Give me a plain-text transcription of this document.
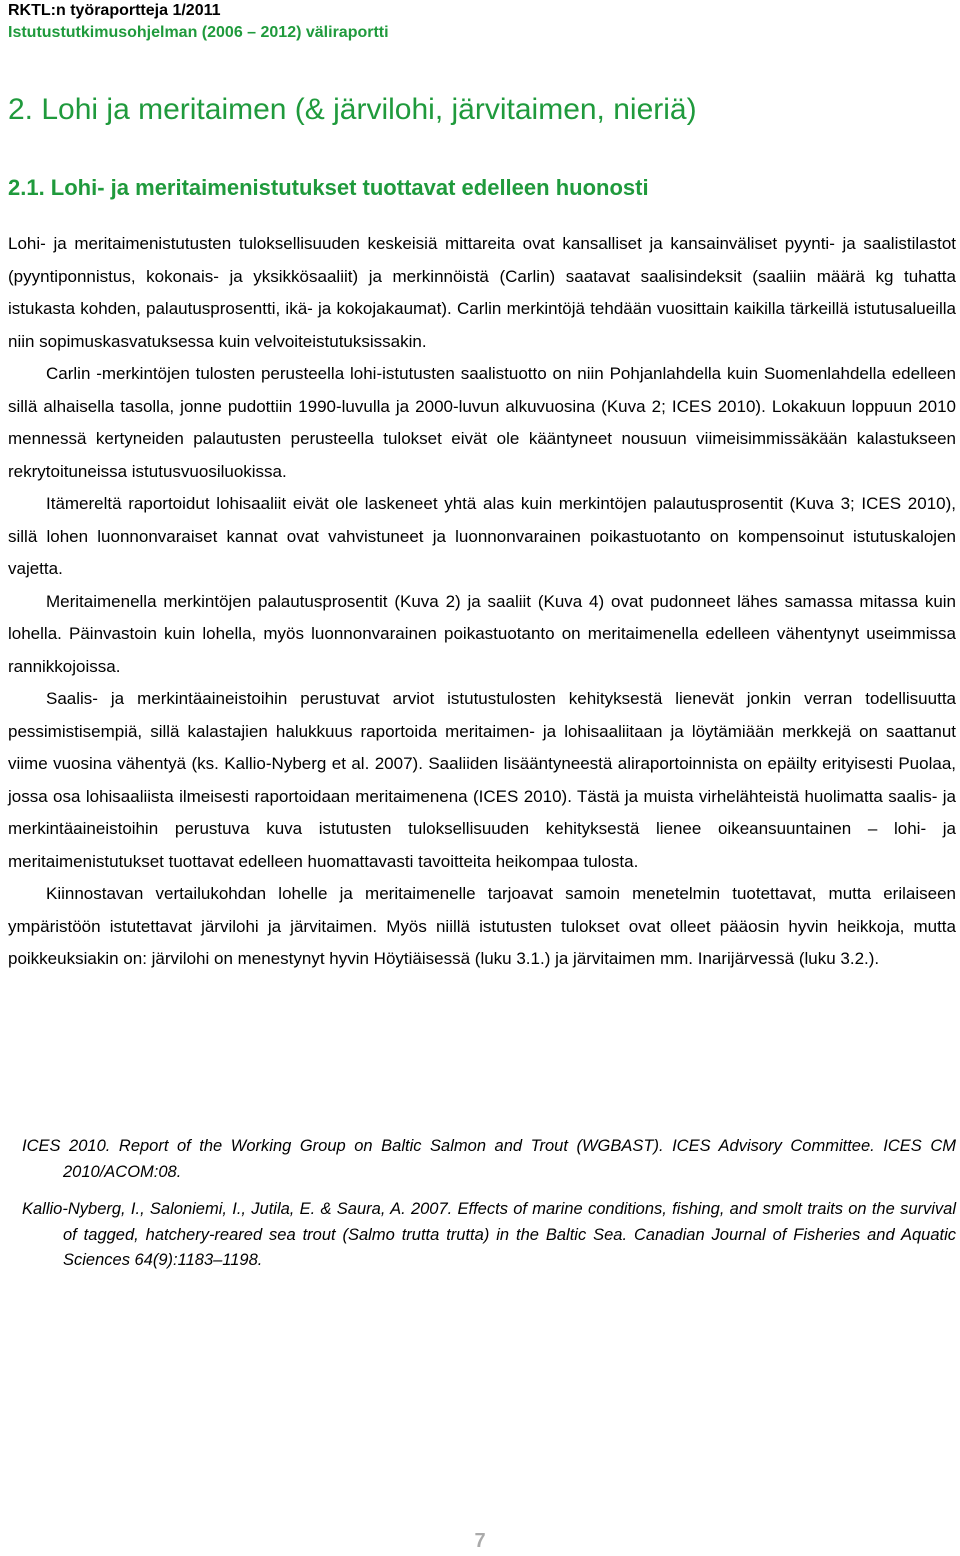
RKTL:n työraportteja 1/2011
Istutustutkimusohjelman (2006 – 2012) väliraportti
2. Lohi ja meritaimen (& järvilohi, järvitaimen, nieriä)
2.1. Lohi- ja meritaimenistutukset tuottavat edelleen huonosti

Lohi- ja meritaimenistutusten tuloksellisuuden keskeisiä mittareita ovat kansalliset ja kansainväliset pyynti- ja saalistilastot (pyyntiponnistus, kokonais- ja yksikkösaaliit) ja merkinnöistä (Carlin) saatavat saalisindeksit (saaliin määrä kg tuhatta istukasta kohden, palautusprosentti, ikä- ja kokojakaumat). Carlin merkintöjä tehdään vuosittain kaikilla tärkeillä istutusalueilla niin sopimuskasvatuksessa kuin velvoiteistutuksissakin.

Carlin -merkintöjen tulosten perusteella lohi-istutusten saalistuotto on niin Pohjanlahdella kuin Suomenlahdella edelleen sillä alhaisella tasolla, jonne pudottiin 1990-luvulla ja 2000-luvun alkuvuosina (Kuva 2; ICES 2010). Lokakuun loppuun 2010 mennessä kertyneiden palautusten perusteella tulokset eivät ole kääntyneet nousuun viimeisimmissäkään kalastukseen rekrytoituneissa istutusvuosiluokissa.

Itämereltä raportoidut lohisaaliit eivät ole laskeneet yhtä alas kuin merkintöjen palautusprosentit (Kuva 3; ICES 2010), sillä lohen luonnonvaraiset kannat ovat vahvistuneet ja luonnonvarainen poikastuotanto on kompensoinut istutuskalojen vajetta.

Meritaimenella merkintöjen palautusprosentit (Kuva 2) ja saaliit (Kuva 4) ovat pudonneet lähes samassa mitassa kuin lohella. Päinvastoin kuin lohella, myös luonnonvarainen poikastuotanto on meritaimenella edelleen vähentynyt useimmissa rannikkojoissa.

Saalis- ja merkintäaineistoihin perustuvat arviot istutustulosten kehityksestä lienevät jonkin verran todellisuutta pessimistisempiä, sillä kalastajien halukkuus raportoida meritaimen- ja lohisaaliitaan ja löytämiään merkkejä on saattanut viime vuosina vähentyä (ks. Kallio-Nyberg et al. 2007). Saaliiden lisääntyneestä aliraportoinnista on epäilty erityisesti Puolaa, jossa osa lohisaaliista ilmeisesti raportoidaan meritaimenena (ICES 2010). Tästä ja muista virhelähteistä huolimatta saalis- ja merkintäaineistoihin perustuva kuva istutusten tuloksellisuuden kehityksestä lienee oikeansuuntainen – lohi- ja meritaimenistutukset tuottavat edelleen huomattavasti tavoitteita heikompaa tulosta.

Kiinnostavan vertailukohdan lohelle ja meritaimenelle tarjoavat samoin menetelmin tuotettavat, mutta erilaiseen ympäristöön istutettavat järvilohi ja järvitaimen. Myös niillä istutusten tulokset ovat olleet pääosin hyvin heikkoja, mutta poikkeuksiakin on: järvilohi on menestynyt hyvin Höytiäisessä (luku 3.1.) ja järvitaimen mm. Inarijärvessä (luku 3.2.).

ICES 2010. Report of the Working Group on Baltic Salmon and Trout (WGBAST). ICES Advisory Committee. ICES CM 2010/ACOM:08.

Kallio-Nyberg, I., Saloniemi, I., Jutila, E. & Saura, A. 2007. Effects of marine conditions, fishing, and smolt traits on the survival of tagged, hatchery-reared sea trout (Salmo trutta trutta) in the Baltic Sea. Canadian Journal of Fisheries and Aquatic Sciences 64(9):1183–1198.

7
